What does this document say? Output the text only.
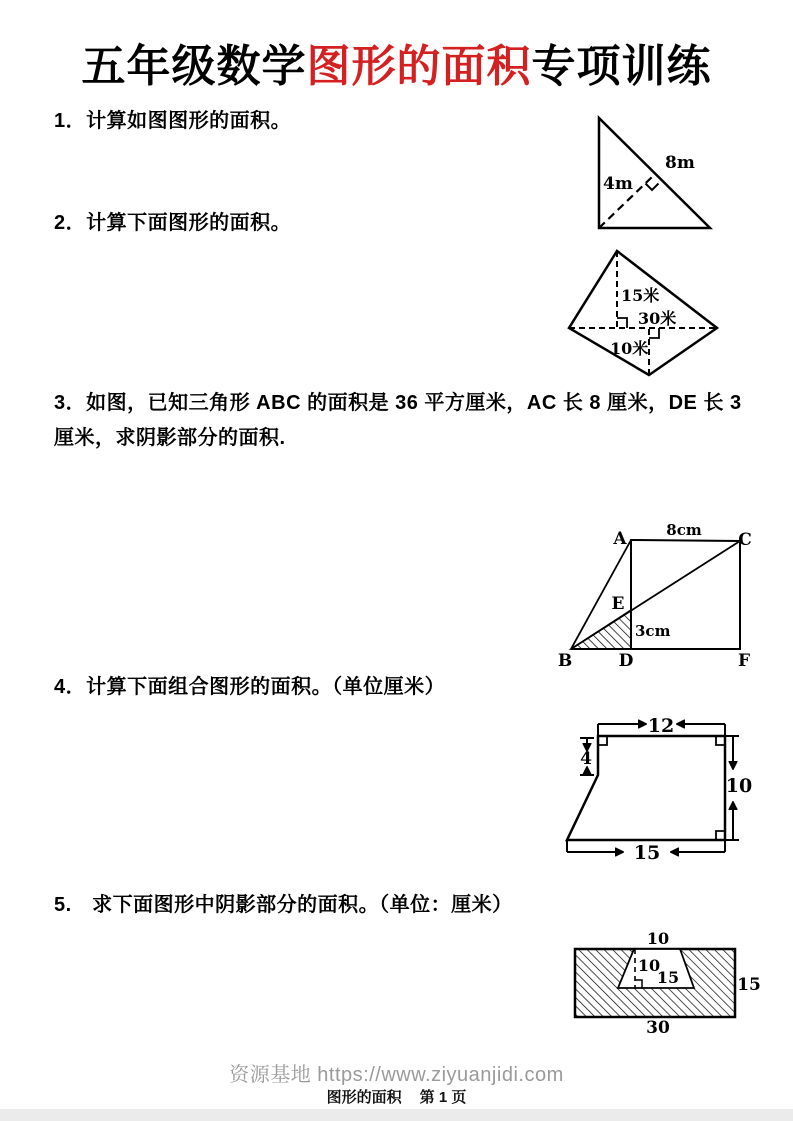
五年级数学图形的面积专项训练

1．计算如图图形的面积。

2．计算下面图形的面积。

3．如图，已知三角形 ABC 的面积是 36 平方厘米，AC 长 8 厘米，DE 长 3 厘米，求阴影部分的面积.

4．计算下面组合图形的面积。（单位厘米）

5.　求下面图形中阴影部分的面积。（单位：厘米）

8m
4m
15米
30米
10米
A	C
B	D	F
E
8cm
3cm
12
4
10
15
10
10
15	15
30
资源基地 https://www.ziyuanjidi.com
图形的面积 第 1 页
